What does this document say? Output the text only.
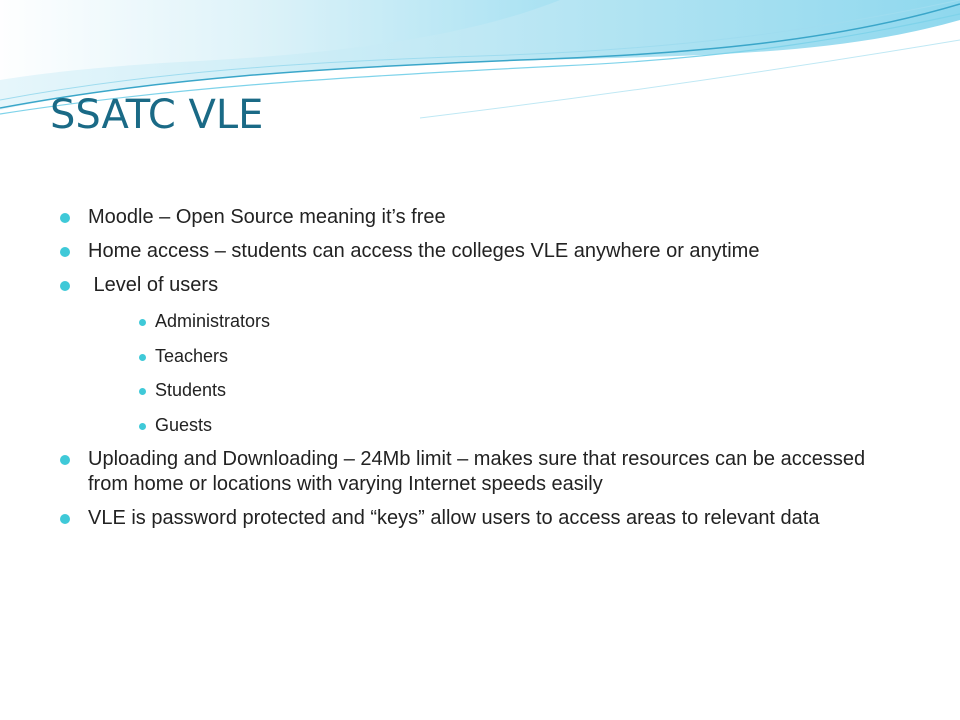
SSATC VLE
Moodle – Open Source meaning it’s free
Home access – students can access the colleges VLE anywhere or anytime
Level of users
Administrators
Teachers
Students
Guests
Uploading and Downloading – 24Mb limit – makes sure that resources can be accessed from home or locations with varying Internet speeds easily
VLE is password protected and “keys” allow users to access areas to relevant data
